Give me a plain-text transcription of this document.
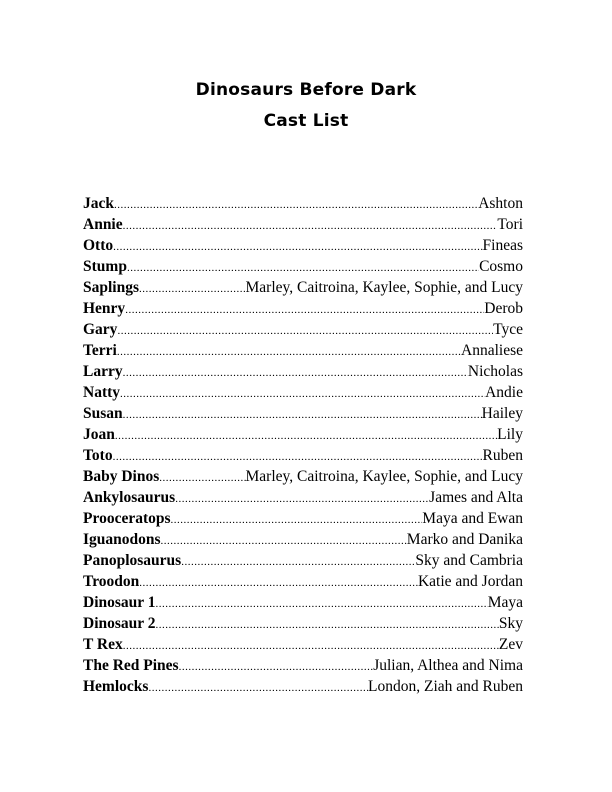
Dinosaurs Before Dark
Cast List
Jack .....	Ashton
Annie .....	Tori
Otto .....	Fineas
Stump .....	Cosmo
Saplings .....	Marley, Caitroina, Kaylee, Sophie, and Lucy
Henry .....	Derob
Gary .....	Tyce
Terri .....	Annaliese
Larry .....	Nicholas
Natty .....	Andie
Susan .....	Hailey
Joan .....	Lily
Toto .....	Ruben
Baby Dinos .....	Marley, Caitroina, Kaylee, Sophie, and Lucy
Ankylosaurus .....	James and Alta
Prooceratops .....	Maya and Ewan
Iguanodons .....	Marko and Danika
Panoplosaurus .....	Sky and Cambria
Troodon .....	Katie and Jordan
Dinosaur 1 .....	Maya
Dinosaur 2 .....	Sky
T Rex .....	Zev
The Red Pines .....	Julian, Althea and Nima
Hemlocks .....	London, Ziah and Ruben
